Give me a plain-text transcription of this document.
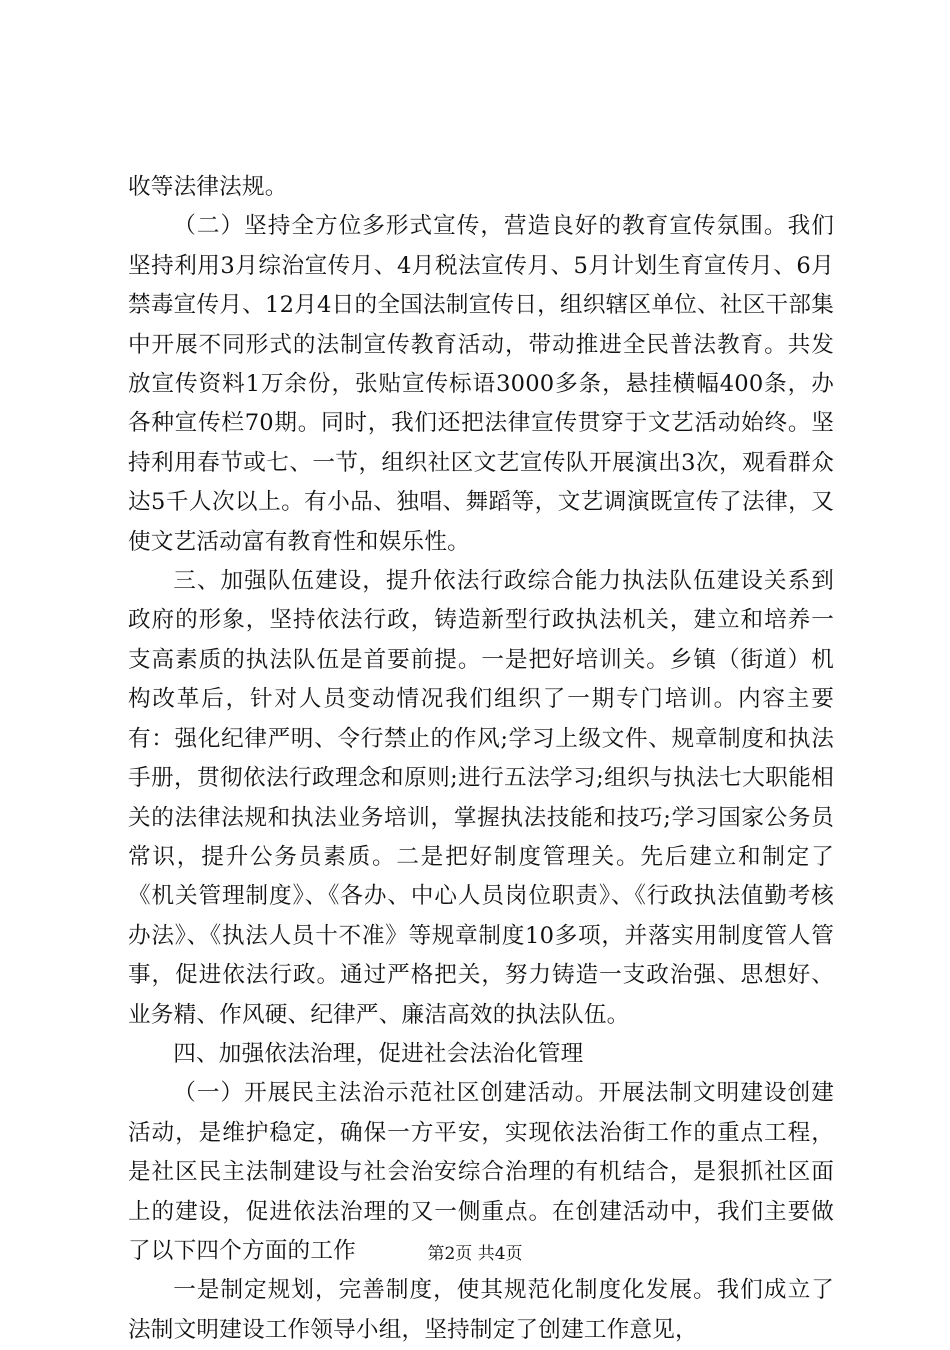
收等法律法规。

（二）坚持全方位多形式宣传，营造良好的教育宣传氛围。我们坚持利用3月综治宣传月、4月税法宣传月、5月计划生育宣传月、6月禁毒宣传月、12月4日的全国法制宣传日，组织辖区单位、社区干部集中开展不同形式的法制宣传教育活动，带动推进全民普法教育。共发放宣传资料1万余份，张贴宣传标语3000多条，悬挂横幅400条，办各种宣传栏70期。同时，我们还把法律宣传贯穿于文艺活动始终。坚持利用春节或七、一节，组织社区文艺宣传队开展演出3次，观看群众达5千人次以上。有小品、独唱、舞蹈等，文艺调演既宣传了法律，又使文艺活动富有教育性和娱乐性。

三、加强队伍建设，提升依法行政综合能力执法队伍建设关系到政府的形象，坚持依法行政，铸造新型行政执法机关，建立和培养一支高素质的执法队伍是首要前提。一是把好培训关。乡镇（街道）机构改革后，针对人员变动情况我们组织了一期专门培训。内容主要有：强化纪律严明、令行禁止的作风;学习上级文件、规章制度和执法手册，贯彻依法行政理念和原则;进行五法学习;组织与执法七大职能相关的法律法规和执法业务培训，掌握执法技能和技巧;学习国家公务员常识，提升公务员素质。二是把好制度管理关。先后建立和制定了《机关管理制度》、《各办、中心人员岗位职责》、《行政执法值勤考核办法》、《执法人员十不准》等规章制度10多项，并落实用制度管人管事，促进依法行政。通过严格把关，努力铸造一支政治强、思想好、业务精、作风硬、纪律严、廉洁高效的执法队伍。

四、加强依法治理，促进社会法治化管理

（一）开展民主法治示范社区创建活动。开展法制文明建设创建活动，是维护稳定，确保一方平安，实现依法治街工作的重点工程，是社区民主法制建设与社会治安综合治理的有机结合，是狠抓社区面上的建设，促进依法治理的又一侧重点。在创建活动中，我们主要做了以下四个方面的工作

一是制定规划，完善制度，使其规范化制度化发展。我们成立了法制文明建设工作领导小组，坚持制定了创建工作意见，

第2页 共4页
